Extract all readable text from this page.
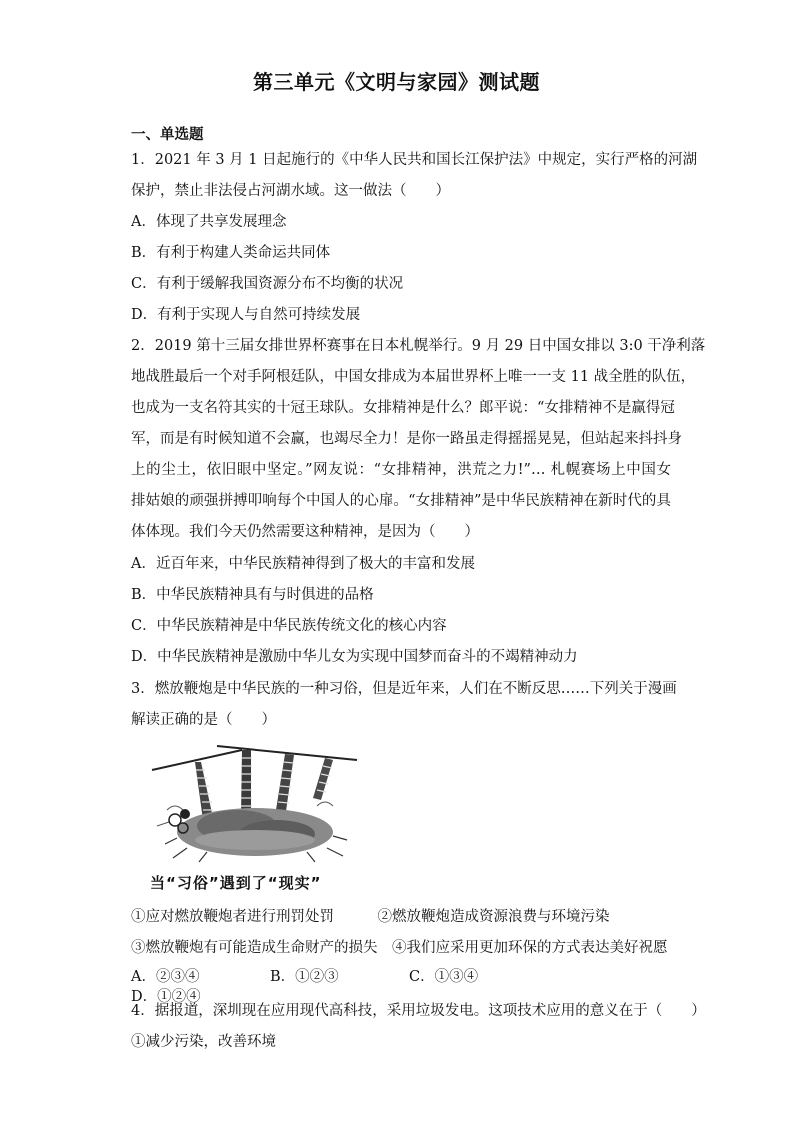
第三单元《文明与家园》测试题
一、单选题
1．2021 年 3 月 1 日起施行的《中华人民共和国长江保护法》中规定，实行严格的河湖
保护，禁止非法侵占河湖水域。这一做法（　　）
A．体现了共享发展理念
B．有利于构建人类命运共同体
C．有利于缓解我国资源分布不均衡的状况
D．有利于实现人与自然可持续发展
2．2019 第十三届女排世界杯赛事在日本札幌举行。9 月 29 日中国女排以 3:0 干净利落
地战胜最后一个对手阿根廷队，中国女排成为本届世界杯上唯一一支 11 战全胜的队伍，
也成为一支名符其实的十冠王球队。女排精神是什么？郎平说：“女排精神不是赢得冠
军，而是有时候知道不会赢，也竭尽全力！是你一路虽走得摇摇晃晃，但站起来抖抖身
上的尘土，依旧眼中坚定。”网友说：“女排精神，洪荒之力!”… 札幌赛场上中国女
排姑娘的顽强拼搏叩响每个中国人的心扉。“女排精神”是中华民族精神在新时代的具
体体现。我们今天仍然需要这种精神，是因为（　　）
A．近百年来，中华民族精神得到了极大的丰富和发展
B．中华民族精神具有与时俱进的品格
C．中华民族精神是中华民族传统文化的核心内容
D．中华民族精神是激励中华儿女为实现中国梦而奋斗的不竭精神动力
3．燃放鞭炮是中华民族的一种习俗，但是近年来，人们在不断反思……下列关于漫画
解读正确的是（　　）
当“习俗”遇到了“现实”
①应对燃放鞭炮者进行刑罚处罚　　　②燃放鞭炮造成资源浪费与环境污染
③燃放鞭炮有可能造成生命财产的损失　④我们应采用更加环保的方式表达美好祝愿
A．②③④	B．①②③	C．①③④D．①②④
4．据报道，深圳现在应用现代高科技，采用垃圾发电。这项技术应用的意义在于（　　）
①减少污染，改善环境
